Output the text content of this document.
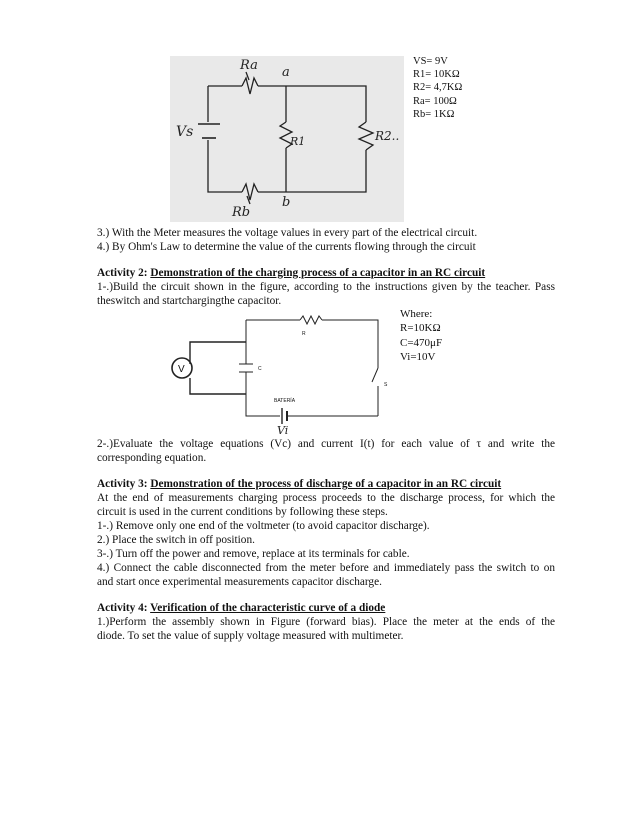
Ra a
Vs
R1	R2..
Rb
b
VS= 9V
R1= 10KΩ
R2= 4,7KΩ
Ra= 100Ω
Rb= 1KΩ
3.) With the Meter measures the voltage values in every part of the electrical circuit.
4.) By Ohm's Law to determine the value of the currents flowing through the circuit
Activity 2: Demonstration of the charging process of a capacitor in an RC circuit
1-.)Build the circuit shown in the figure, according to the instructions given by the teacher. Pass
theswitch and startchargingthe capacitor.
R
C
S
BATERÍA
V
Vi
Where:
R=10KΩ
C=470μF
Vi=10V
2-.)Evaluate the voltage equations (Vc) and current I(t) for each value of τ and write the
corresponding equation.
Activity 3: Demonstration of the process of discharge of a capacitor in an RC circuit
At the end of measurements charging process proceeds to the discharge process, for which the
circuit is used in the current conditions by following these steps.
1-.) Remove only one end of the voltmeter (to avoid capacitor discharge).
2.) Place the switch in off position.
3-.) Turn off the power and remove, replace at its terminals for cable.
4.) Connect the cable disconnected from the meter before and immediately pass the switch to on
and start once experimental measurements capacitor discharge.
Activity 4: Verification of the characteristic curve of a diode
1.)Perform the assembly shown in Figure (forward bias). Place the meter at the ends of the
diode. To set the value of supply voltage measured with multimeter.
